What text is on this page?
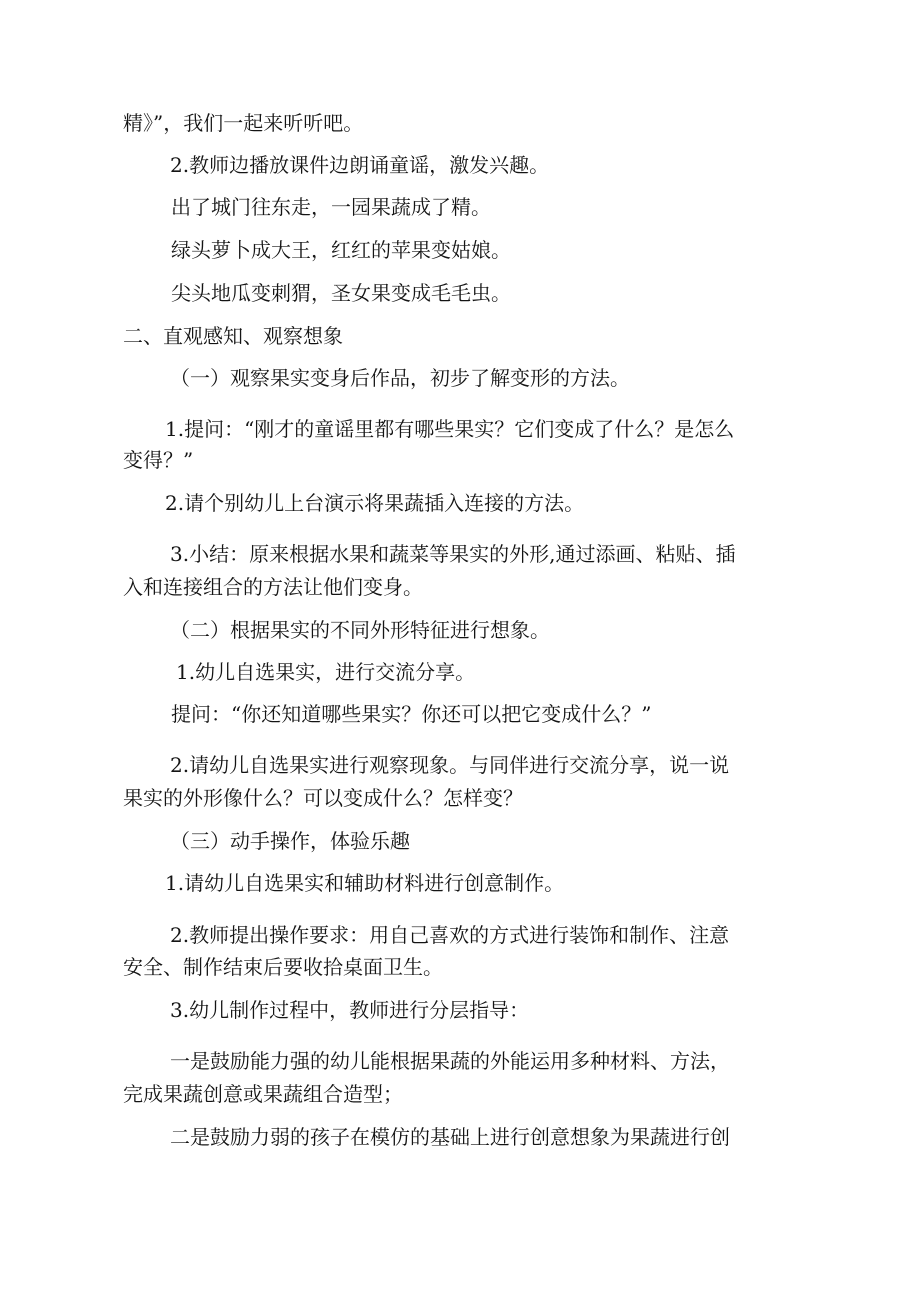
精》”，我们一起来听听吧。
2.教师边播放课件边朗诵童谣，激发兴趣。
出了城门往东走，一园果蔬成了精。
绿头萝卜成大王，红红的苹果变姑娘。
尖头地瓜变刺猬，圣女果变成毛毛虫。
二、直观感知、观察想象
（一）观察果实变身后作品，初步了解变形的方法。
1.提问：“刚才的童谣里都有哪些果实？它们变成了什么？是怎么
变得？”
2.请个别幼儿上台演示将果蔬插入连接的方法。
3.小结：原来根据水果和蔬菜等果实的外形,通过添画、粘贴、插
入和连接组合的方法让他们变身。
（二）根据果实的不同外形特征进行想象。
1.幼儿自选果实，进行交流分享。
提问：“你还知道哪些果实？你还可以把它变成什么？”
2.请幼儿自选果实进行观察现象。与同伴进行交流分享，说一说
果实的外形像什么？可以变成什么？怎样变？
（三）动手操作，体验乐趣
1.请幼儿自选果实和辅助材料进行创意制作。
2.教师提出操作要求：用自己喜欢的方式进行装饰和制作、注意
安全、制作结束后要收拾桌面卫生。
3.幼儿制作过程中，教师进行分层指导：
一是鼓励能力强的幼儿能根据果蔬的外能运用多种材料、方法，
完成果蔬创意或果蔬组合造型；
二是鼓励力弱的孩子在模仿的基础上进行创意想象为果蔬进行创
